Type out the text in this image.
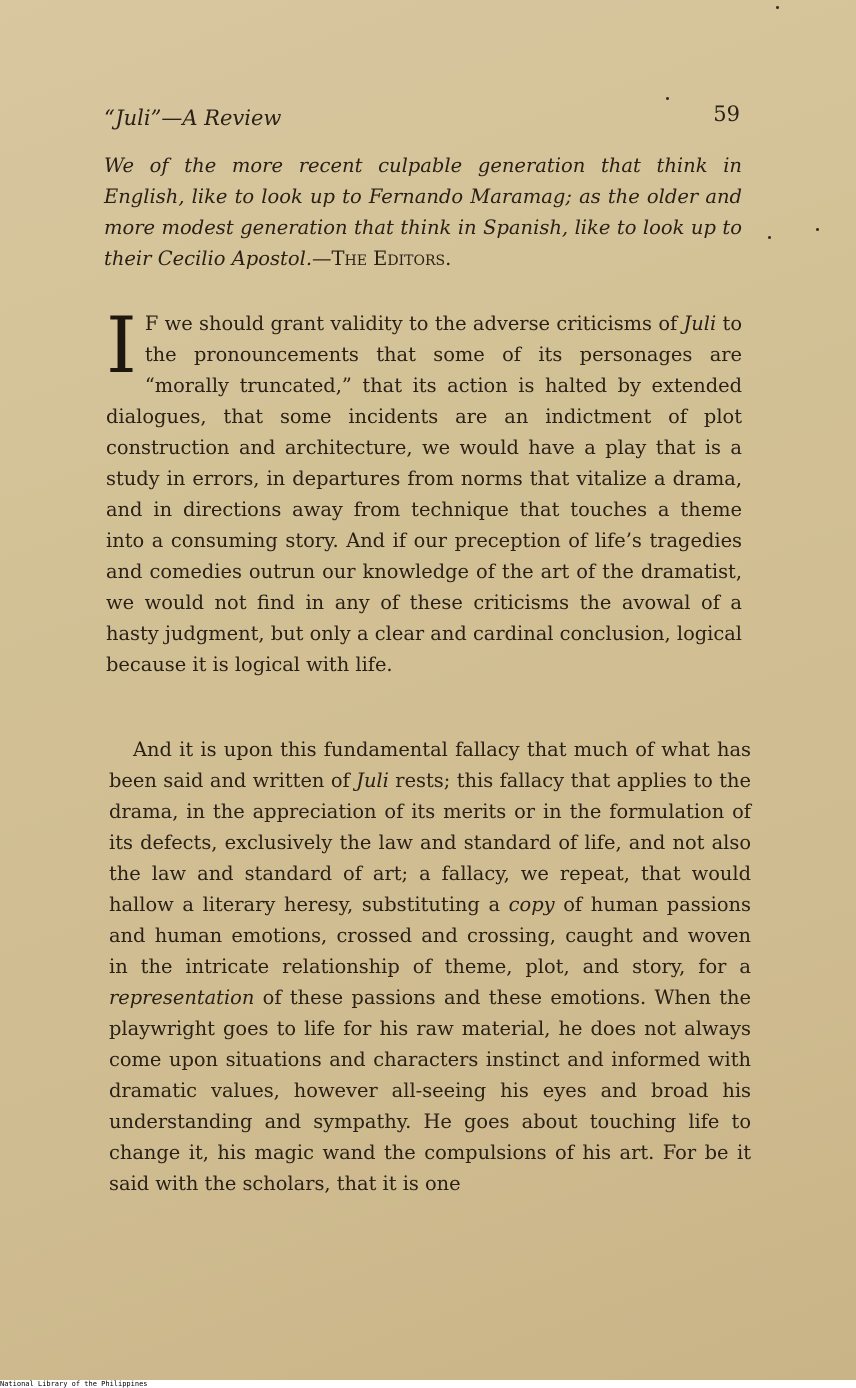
“Juli”—A Review	59
We of the more recent culpable generation that think in English, like to look up to Fernando Maramag; as the older and more modest generation that think in Spanish, like to look up to their Cecilio Apostol.—The Editors.
I F we should grant validity to the adverse criticisms of Juli to the pronouncements that some of its personages are “morally truncated,” that its action is halted by extended dialogues, that some incidents are an indictment of plot construction and architecture, we would have a play that is a study in errors, in departures from norms that vitalize a drama, and in directions away from technique that touches a theme into a consuming story. And if our preception of life’s tragedies and comedies outrun our knowledge of the art of the dramatist, we would not find in any of these criticisms the avowal of a hasty judgment, but only a clear and cardinal conclusion, logical because it is logical with life.
And it is upon this fundamental fallacy that much of what has been said and written of Juli rests; this fallacy that applies to the drama, in the appreciation of its merits or in the formulation of its defects, exclusively the law and standard of life, and not also the law and standard of art; a fallacy, we repeat, that would hallow a literary heresy, substituting a copy of human passions and human emotions, crossed and crossing, caught and woven in the intricate relationship of theme, plot, and story, for a representation of these passions and these emotions. When the playwright goes to life for his raw material, he does not always come upon situations and characters instinct and informed with dramatic values, however all-seeing his eyes and broad his understanding and sympathy. He goes about touching life to change it, his magic wand the compulsions of his art. For be it said with the scholars, that it is one
National Library of the Philippines
